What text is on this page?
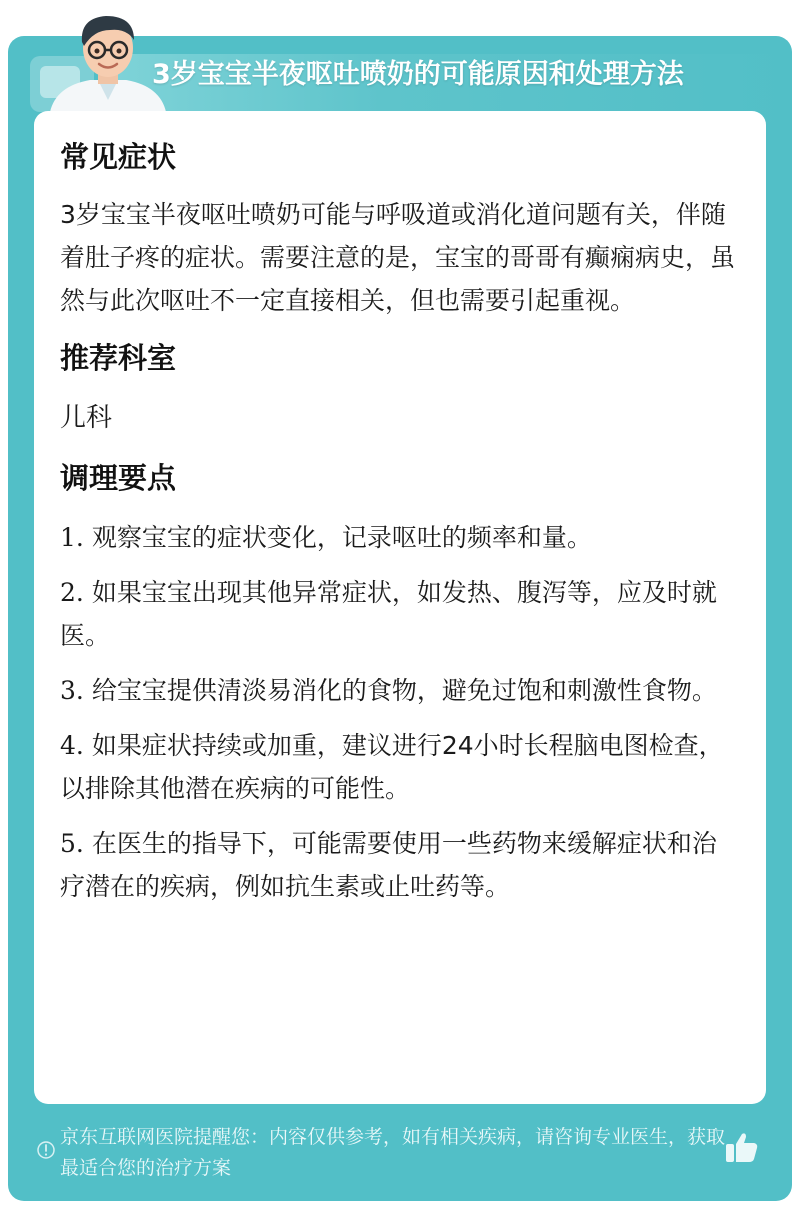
3岁宝宝半夜呕吐喷奶的可能原因和处理方法
常见症状

3岁宝宝半夜呕吐喷奶可能与呼吸道或消化道问题有关，伴随着肚子疼的症状。需要注意的是，宝宝的哥哥有癫痫病史，虽然与此次呕吐不一定直接相关，但也需要引起重视。

推荐科室

儿科

调理要点
1. 观察宝宝的症状变化，记录呕吐的频率和量。
2. 如果宝宝出现其他异常症状，如发热、腹泻等，应及时就医。
3. 给宝宝提供清淡易消化的食物，避免过饱和刺激性食物。
4. 如果症状持续或加重，建议进行24小时长程脑电图检查，以排除其他潜在疾病的可能性。
5. 在医生的指导下，可能需要使用一些药物来缓解症状和治疗潜在的疾病，例如抗生素或止吐药等。
京东互联网医院提醒您：内容仅供参考，如有相关疾病，请咨询专业医生，获取最适合您的治疗方案
